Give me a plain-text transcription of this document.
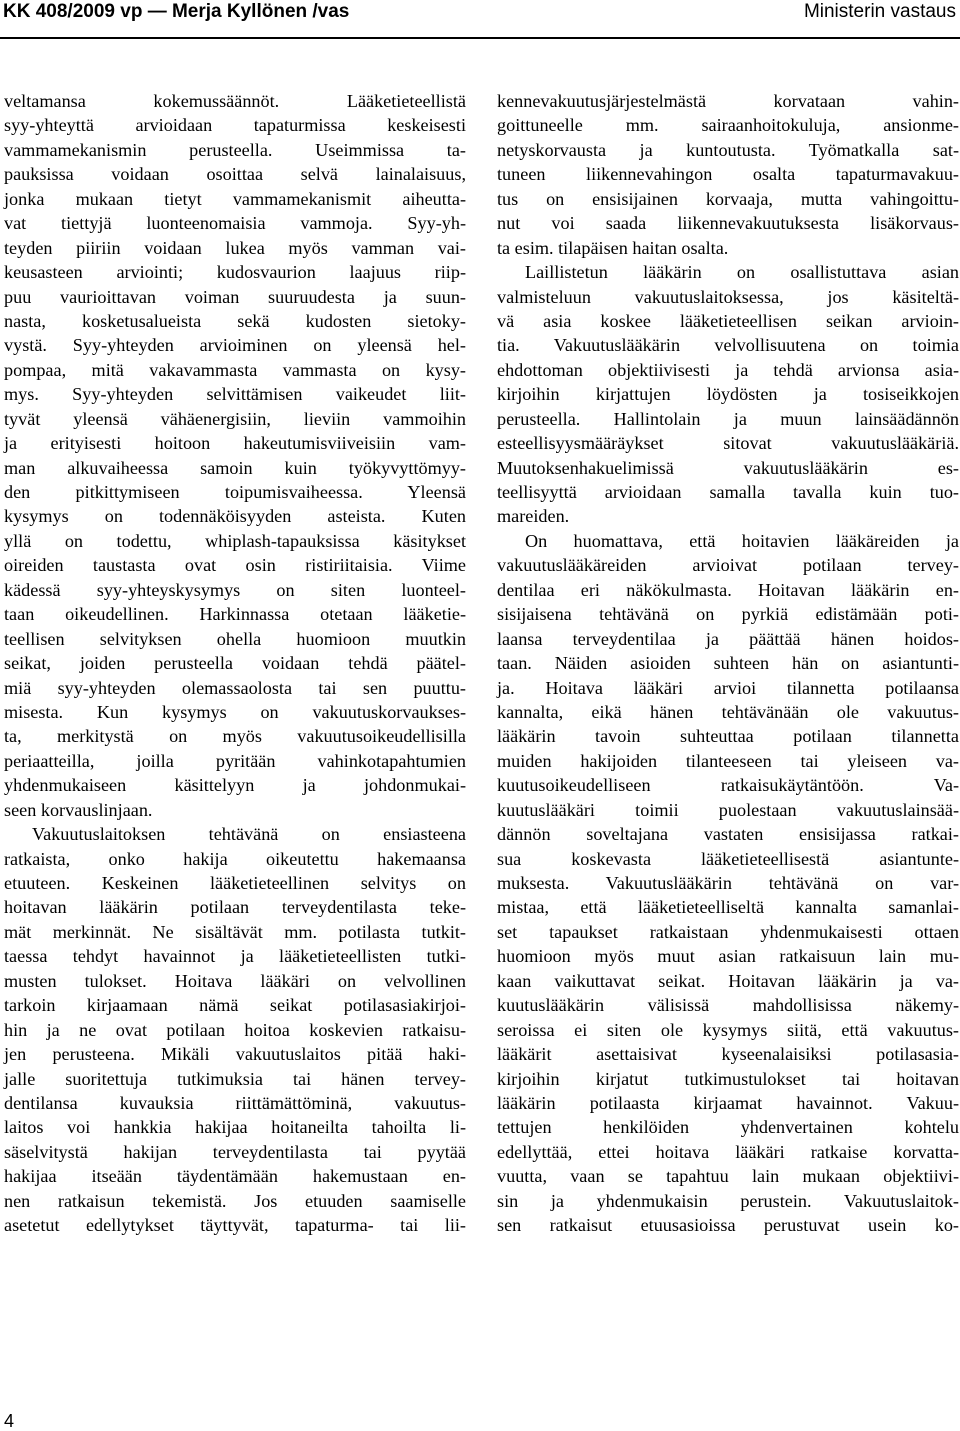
KK 408/2009 vp — Merja Kyllönen /vas	Ministerin vastaus
veltamansa kokemussäännöt. Lääketieteellistä
syy-yhteyttä arvioidaan tapaturmissa keskeisesti
vammamekanismin perusteella. Useimmissa ta-
pauksissa voidaan osoittaa selvä lainalaisuus,
jonka mukaan tietyt vammamekanismit aiheutta-
vat tiettyjä luonteenomaisia vammoja. Syy-yh-
teyden piiriin voidaan lukea myös vamman vai-
keusasteen arviointi; kudosvaurion laajuus riip-
puu vaurioittavan voiman suuruudesta ja suun-
nasta, kosketusalueista sekä kudosten sietoky-
vystä. Syy-yhteyden arvioiminen on yleensä hel-
pompaa, mitä vakavammasta vammasta on kysy-
mys. Syy-yhteyden selvittämisen vaikeudet liit-
tyvät yleensä vähäenergisiin, lieviin vammoihin
ja erityisesti hoitoon hakeutumisviiveisiin vam-
man alkuvaiheessa samoin kuin työkyvyttömyy-
den pitkittymiseen toipumisvaiheessa. Yleensä
kysymys on todennäköisyyden asteista. Kuten
yllä on todettu, whiplash-tapauksissa käsitykset
oireiden taustasta ovat osin ristiriitaisia. Viime
kädessä syy-yhteyskysymys on siten luonteel-
taan oikeudellinen. Harkinnassa otetaan lääketie-
teellisen selvityksen ohella huomioon muutkin
seikat, joiden perusteella voidaan tehdä päätel-
miä syy-yhteyden olemassaolosta tai sen puuttu-
misesta. Kun kysymys on vakuutuskorvaukses-
ta, merkitystä on myös vakuutusoikeudellisilla
periaatteilla, joilla pyritään vahinkotapahtumien
yhdenmukaiseen käsittelyyn ja johdonmukai-
seen korvauslinjaan.
Vakuutuslaitoksen tehtävänä on ensiasteena
ratkaista, onko hakija oikeutettu hakemaansa
etuuteen. Keskeinen lääketieteellinen selvitys on
hoitavan lääkärin potilaan terveydentilasta teke-
mät merkinnät. Ne sisältävät mm. potilasta tutkit-
taessa tehdyt havainnot ja lääketieteellisten tutki-
musten tulokset. Hoitava lääkäri on velvollinen
tarkoin kirjaamaan nämä seikat potilasasiakirjoi-
hin ja ne ovat potilaan hoitoa koskevien ratkaisu-
jen perusteena. Mikäli vakuutuslaitos pitää haki-
jalle suoritettuja tutkimuksia tai hänen tervey-
dentilansa kuvauksia riittämättöminä, vakuutus-
laitos voi hankkia hakijaa hoitaneilta tahoilta li-
säselvitystä hakijan terveydentilasta tai pyytää
hakijaa itseään täydentämään hakemustaan en-
nen ratkaisun tekemistä. Jos etuuden saamiselle
asetetut edellytykset täyttyvät, tapaturma- tai lii-
kennevakuutusjärjestelmästä korvataan vahin-
goittuneelle mm. sairaanhoitokuluja, ansionme-
netyskorvausta ja kuntoutusta. Työmatkalla sat-
tuneen liikennevahingon osalta tapaturmavakuu-
tus on ensisijainen korvaaja, mutta vahingoittu-
nut voi saada liikennevakuutuksesta lisäkorvaus-
ta esim. tilapäisen haitan osalta.
Laillistetun lääkärin on osallistuttava asian
valmisteluun vakuutuslaitoksessa, jos käsiteltä-
vä asia koskee lääketieteellisen seikan arvioin-
tia. Vakuutuslääkärin velvollisuutena on toimia
ehdottoman objektiivisesti ja tehdä arvionsa asia-
kirjoihin kirjattujen löydösten ja tosiseikkojen
perusteella. Hallintolain ja muun lainsäädännön
esteellisyysmääräykset sitovat vakuutuslääkäriä.
Muutoksenhakuelimissä vakuutuslääkärin es-
teellisyyttä arvioidaan samalla tavalla kuin tuo-
mareiden.
On huomattava, että hoitavien lääkäreiden ja
vakuutuslääkäreiden arvioivat potilaan tervey-
dentilaa eri näkökulmasta. Hoitavan lääkärin en-
sisijaisena tehtävänä on pyrkiä edistämään poti-
laansa terveydentilaa ja päättää hänen hoidos-
taan. Näiden asioiden suhteen hän on asiantunti-
ja. Hoitava lääkäri arvioi tilannetta potilaansa
kannalta, eikä hänen tehtävänään ole vakuutus-
lääkärin tavoin suhteuttaa potilaan tilannetta
muiden hakijoiden tilanteeseen tai yleiseen va-
kuutusoikeudelliseen ratkaisukäytäntöön. Va-
kuutuslääkäri toimii puolestaan vakuutuslainsää-
dännön soveltajana vastaten ensisijassa ratkai-
sua koskevasta lääketieteellisestä asiantunte-
muksesta. Vakuutuslääkärin tehtävänä on var-
mistaa, että lääketieteelliseltä kannalta samanlai-
set tapaukset ratkaistaan yhdenmukaisesti ottaen
huomioon myös muut asian ratkaisuun lain mu-
kaan vaikuttavat seikat. Hoitavan lääkärin ja va-
kuutuslääkärin välisissä mahdollisissa näkemy-
seroissa ei siten ole kysymys siitä, että vakuutus-
lääkärit asettaisivat kyseenalaisiksi potilasasia-
kirjoihin kirjatut tutkimustulokset tai hoitavan
lääkärin potilaasta kirjaamat havainnot. Vakuu-
tettujen henkilöiden yhdenvertainen kohtelu
edellyttää, ettei hoitava lääkäri ratkaise korvatta-
vuutta, vaan se tapahtuu lain mukaan objektiivi-
sin ja yhdenmukaisin perustein. Vakuutuslaitok-
sen ratkaisut etuusasioissa perustuvat usein ko-
4
